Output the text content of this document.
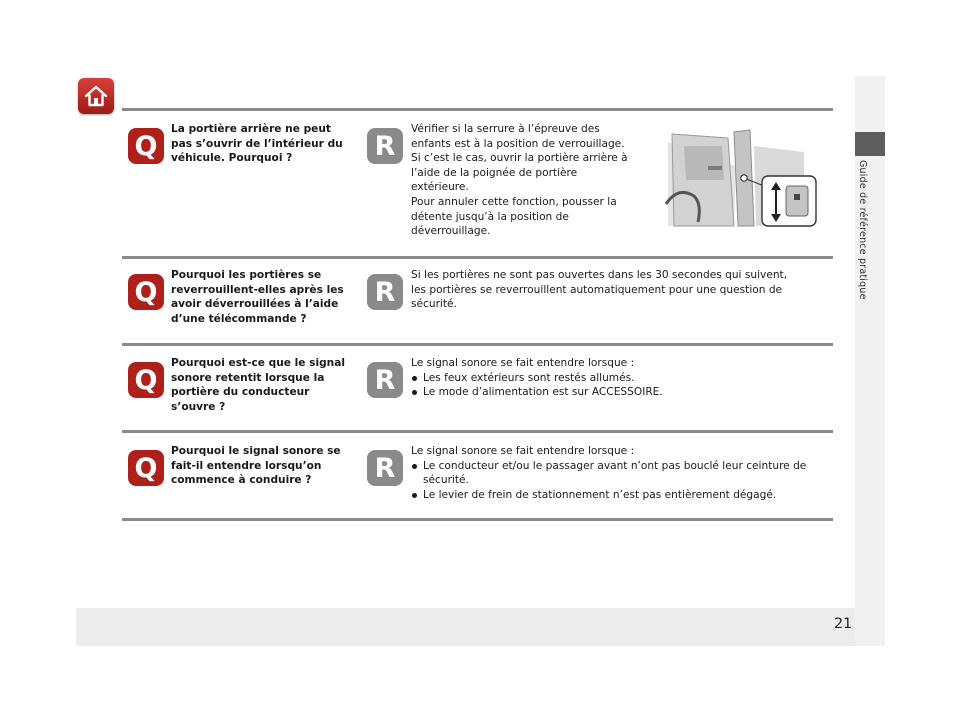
21
Guide de référence pratique
Q
La portière arrière ne peut pas s’ouvrir de l’intérieur du véhicule. Pourquoi ?	R

Vérifier si la serrure à l’épreuve des

enfants est à la position de verrouillage.

Si c’est le cas, ouvrir la portière arrière à

l’aide de la poignée de portière

extérieure.

Pour annuler cette fonction, pousser la

détente jusqu’à la position de

déverrouillage.

Q
Pourquoi les portières se reverrouillent-elles après les avoir déverrouillées à l’aide d’une télécommande ?
R

Si les portières ne sont pas ouvertes dans les 30 secondes qui suivent,

les portières se reverrouillent automatiquement pour une question de

sécurité.

Q
Pourquoi est-ce que le signal sonore retentit lorsque la portière du conducteur s’ouvre ?
R

Le signal sonore se fait entendre lorsque :

Les feux extérieurs sont restés allumés.
Le mode d’alimentation est sur ACCESSOIRE.
Q
Pourquoi le signal sonore se fait-il entendre lorsqu’on commence à conduire ?	R

Le signal sonore se fait entendre lorsque :

Le conducteur et/ou le passager avant n’ont pas bouclé leur ceinture de sécurité.
Le levier de frein de stationnement n’est pas entièrement dégagé.
